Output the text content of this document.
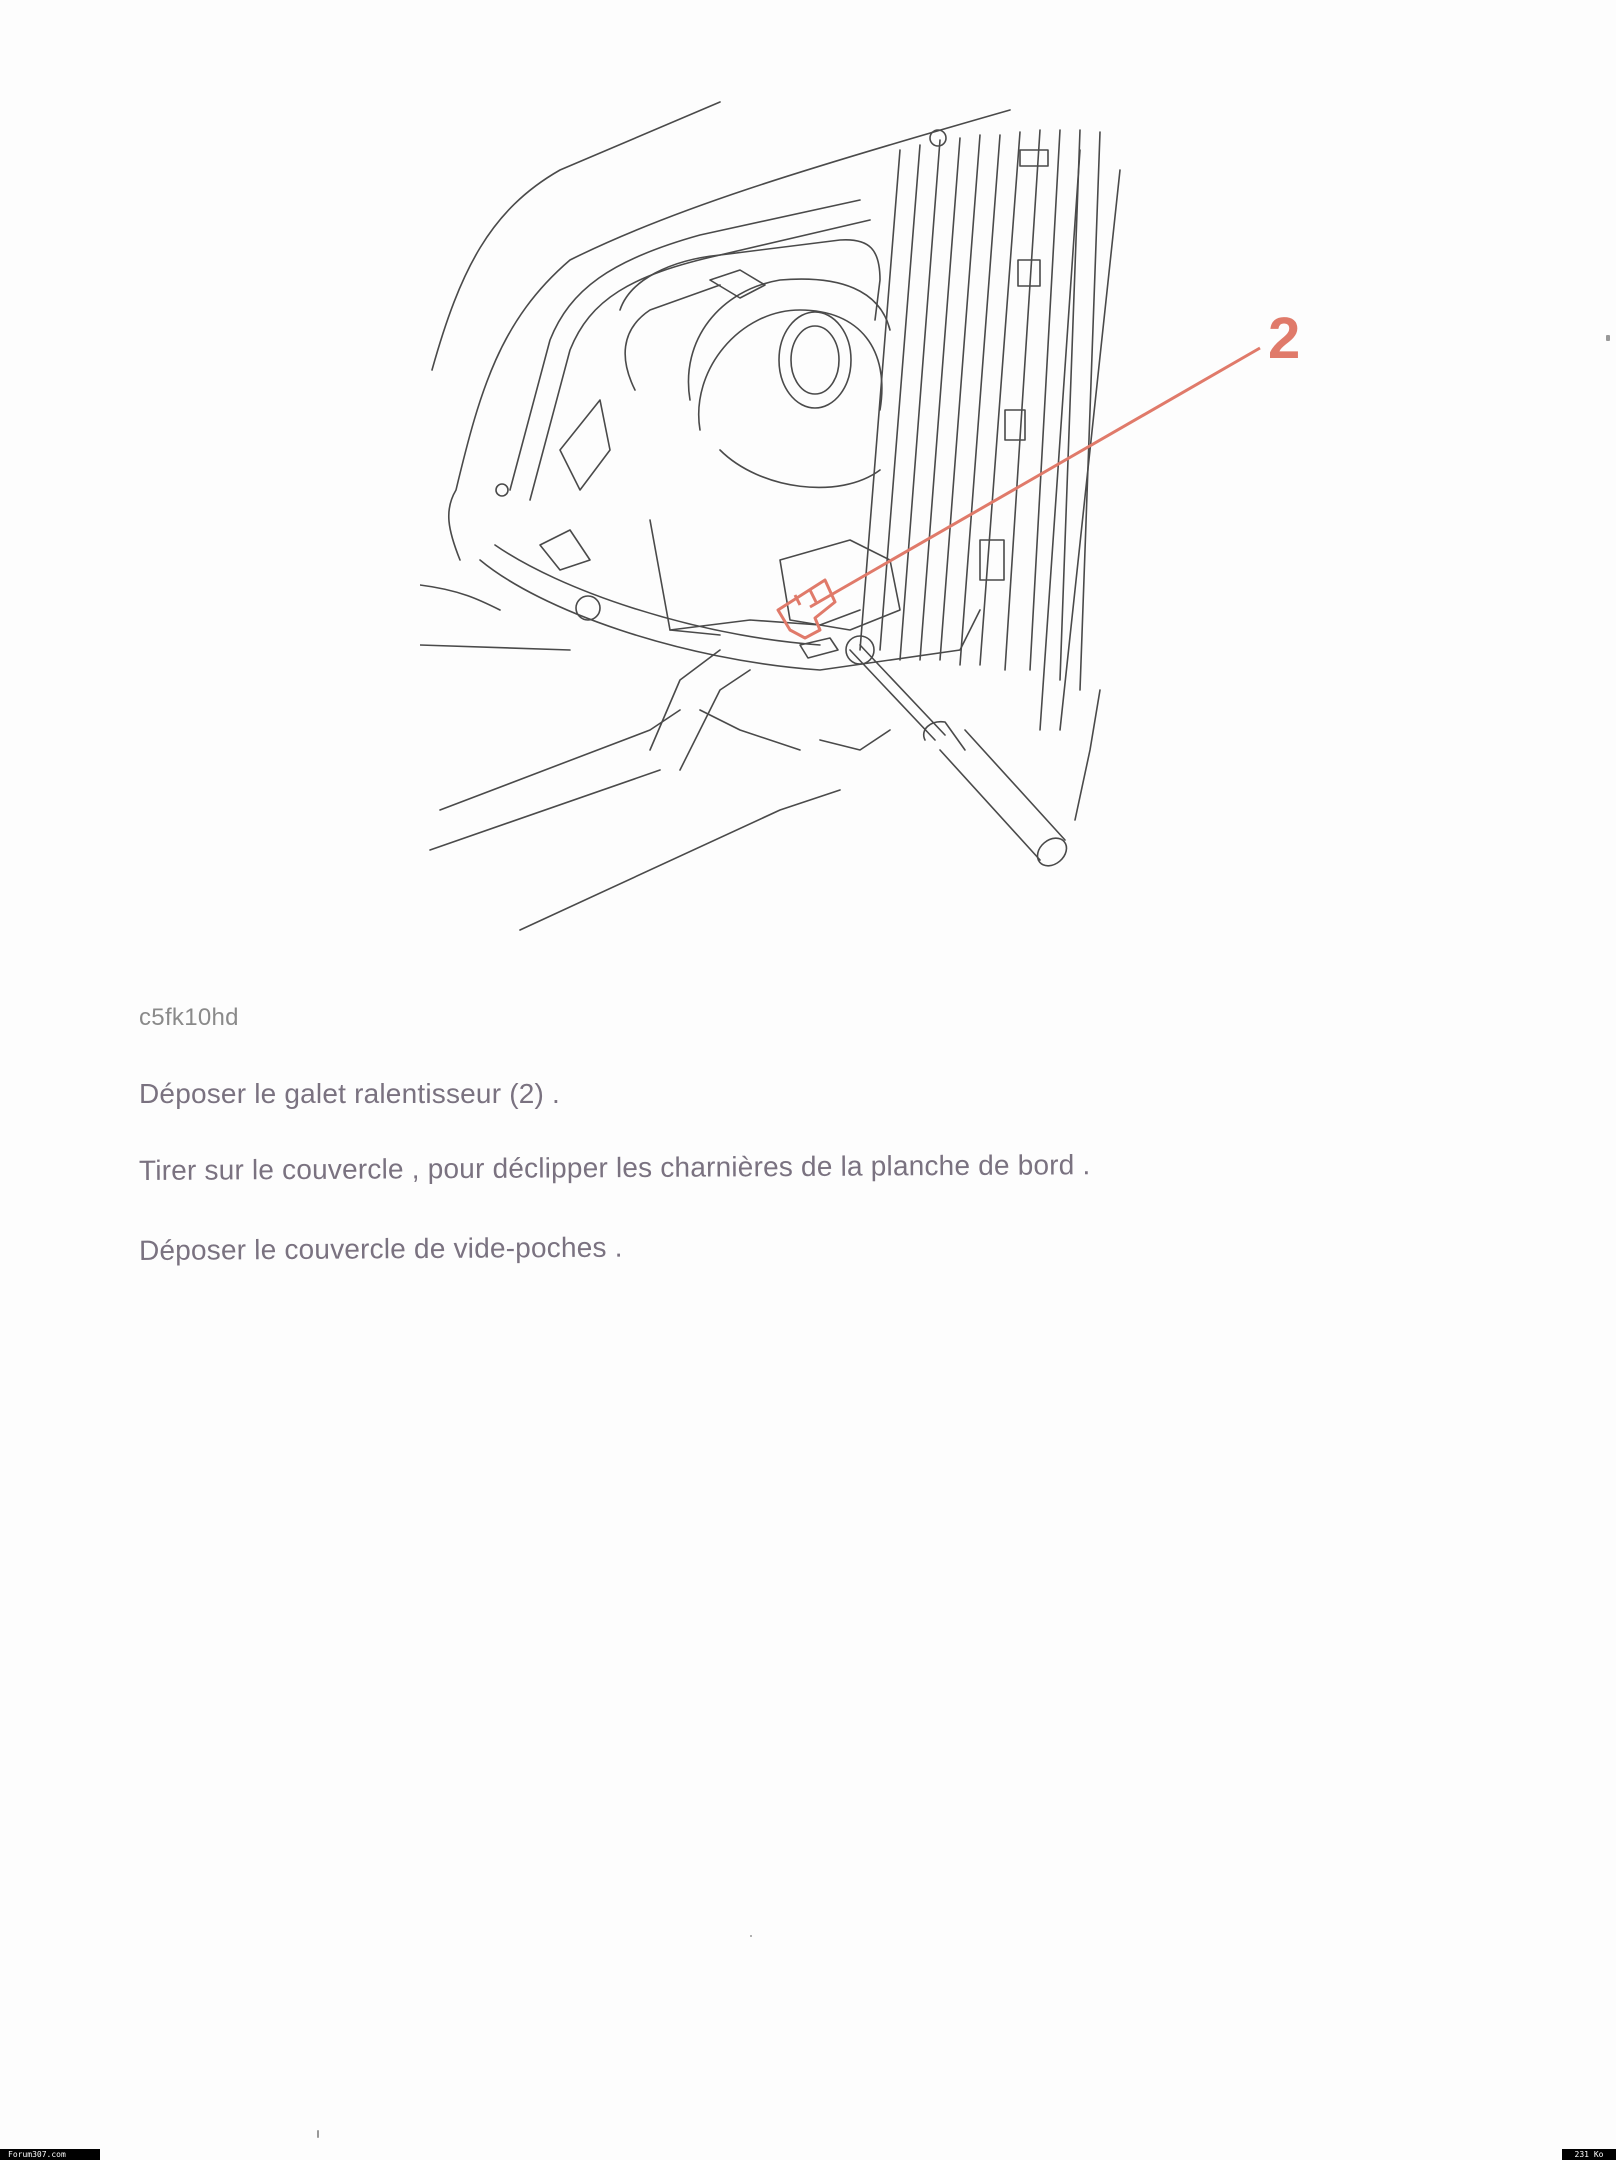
2
c5fk10hd
Déposer le galet ralentisseur (2) .
Tirer sur le couvercle , pour déclipper les charnières de la planche de bord .
Déposer le couvercle de vide-poches .
Forum307.com	231 Ko
